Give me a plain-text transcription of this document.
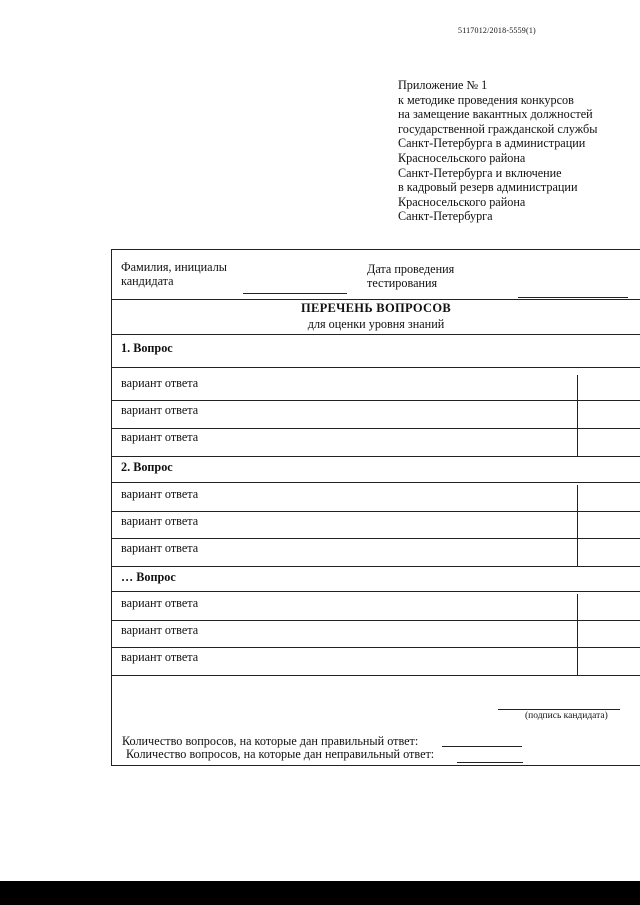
5117012/2018-5559(1)
Приложение № 1
к методике проведения конкурсов
на замещение вакантных должностей
государственной гражданской службы
Санкт-Петербурга в администрации
Красносельского района
Санкт-Петербурга и включение
в кадровый резерв администрации
Красносельского района
Санкт-Петербурга
Фамилия, инициалы
кандидата
Дата проведения
тестирования
ПЕРЕЧЕНЬ ВОПРОСОВ
для оценки уровня знаний
1. Вопрос
вариант ответа
вариант ответа
вариант ответа
2. Вопрос
вариант ответа
вариант ответа
вариант ответа
… Вопрос
вариант ответа
вариант ответа
вариант ответа
(подпись кандидата)
Количество вопросов, на которые дан правильный ответ:
Количество вопросов, на которые дан неправильный ответ:
